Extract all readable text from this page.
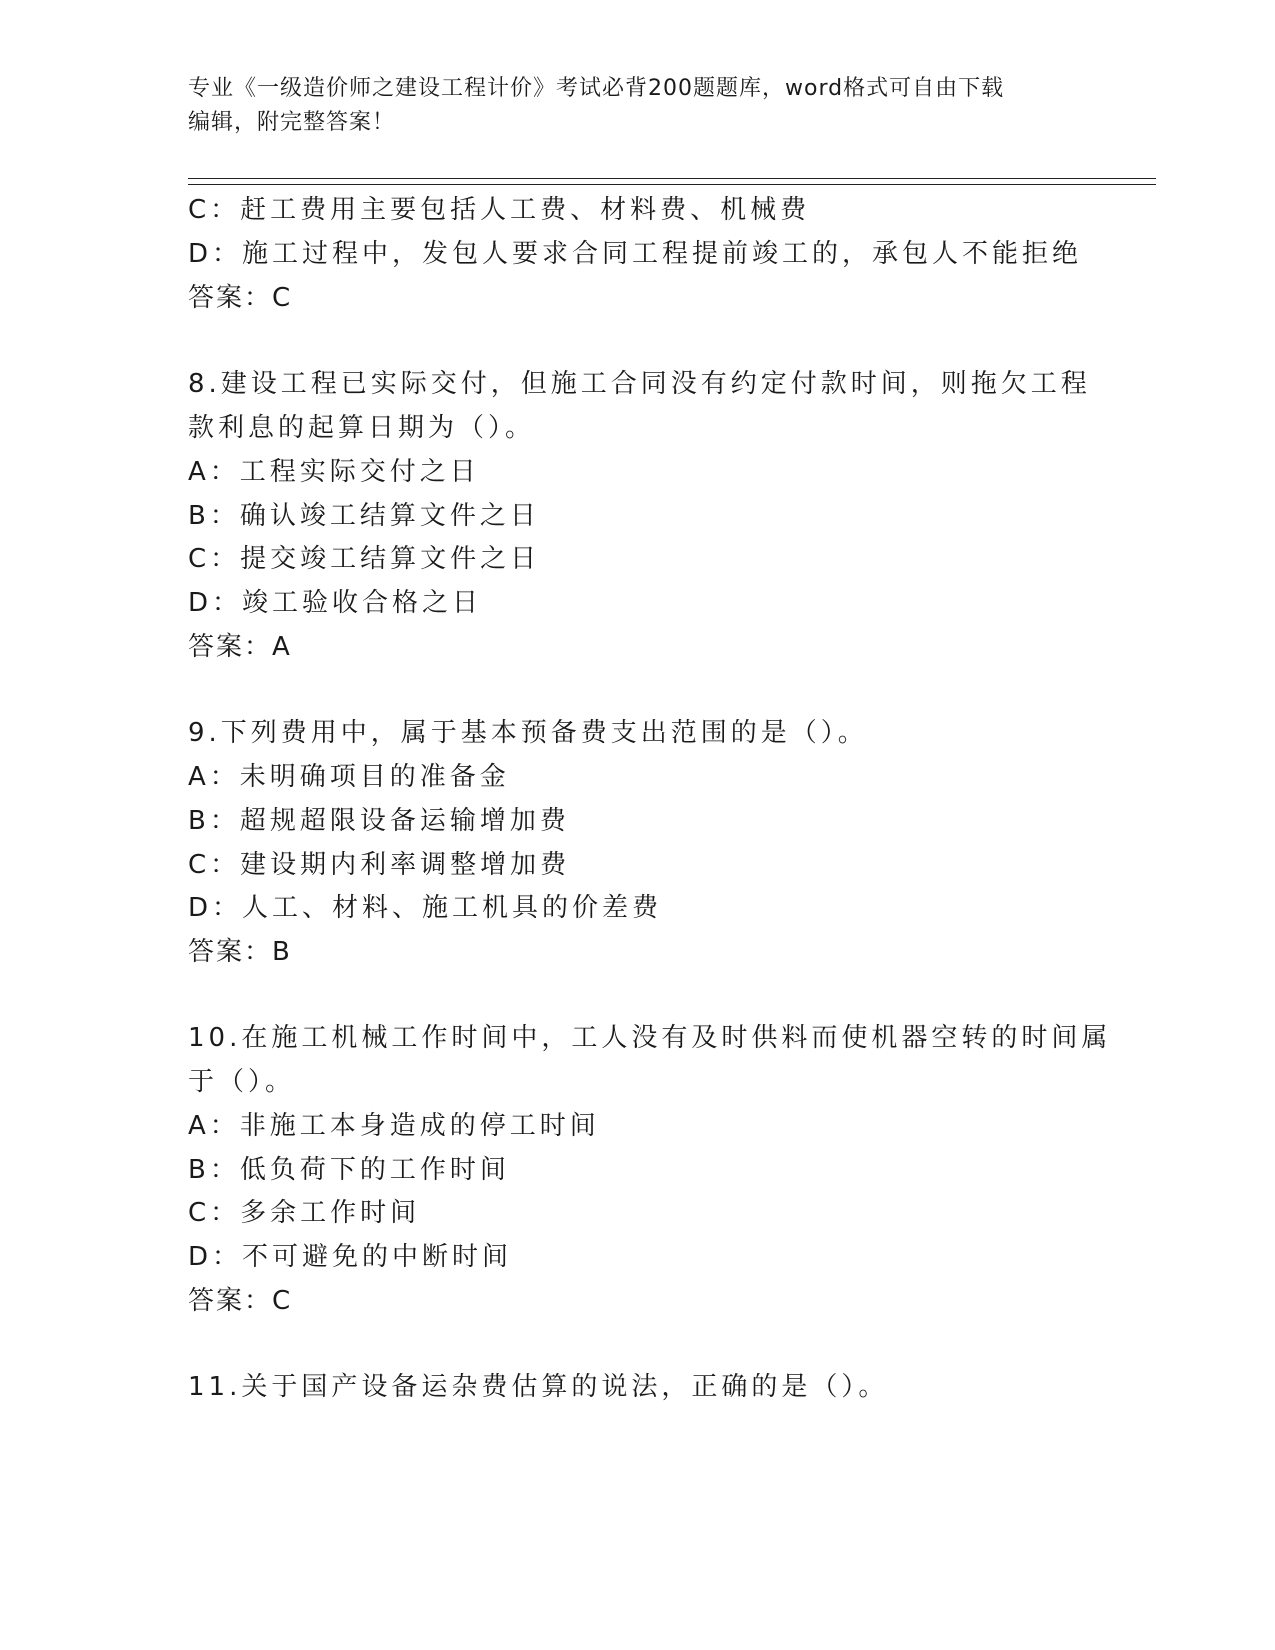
专业《一级造价师之建设工程计价》考试必背200题题库，word格式可自由下载
编辑，附完整答案！
C：赶工费用主要包括人工费、材料费、机械费
D：施工过程中，发包人要求合同工程提前竣工的，承包人不能拒绝
答案：C
8.建设工程已实际交付，但施工合同没有约定付款时间，则拖欠工程
款利息的起算日期为（）。
A：工程实际交付之日
B：确认竣工结算文件之日
C：提交竣工结算文件之日
D：竣工验收合格之日
答案：A
9.下列费用中，属于基本预备费支出范围的是（）。
A：未明确项目的准备金
B：超规超限设备运输增加费
C：建设期内利率调整增加费
D：人工、材料、施工机具的价差费
答案：B
10.在施工机械工作时间中，工人没有及时供料而使机器空转的时间属
于（）。
A：非施工本身造成的停工时间
B：低负荷下的工作时间
C：多余工作时间
D：不可避免的中断时间
答案：C
11.关于国产设备运杂费估算的说法，正确的是（）。
